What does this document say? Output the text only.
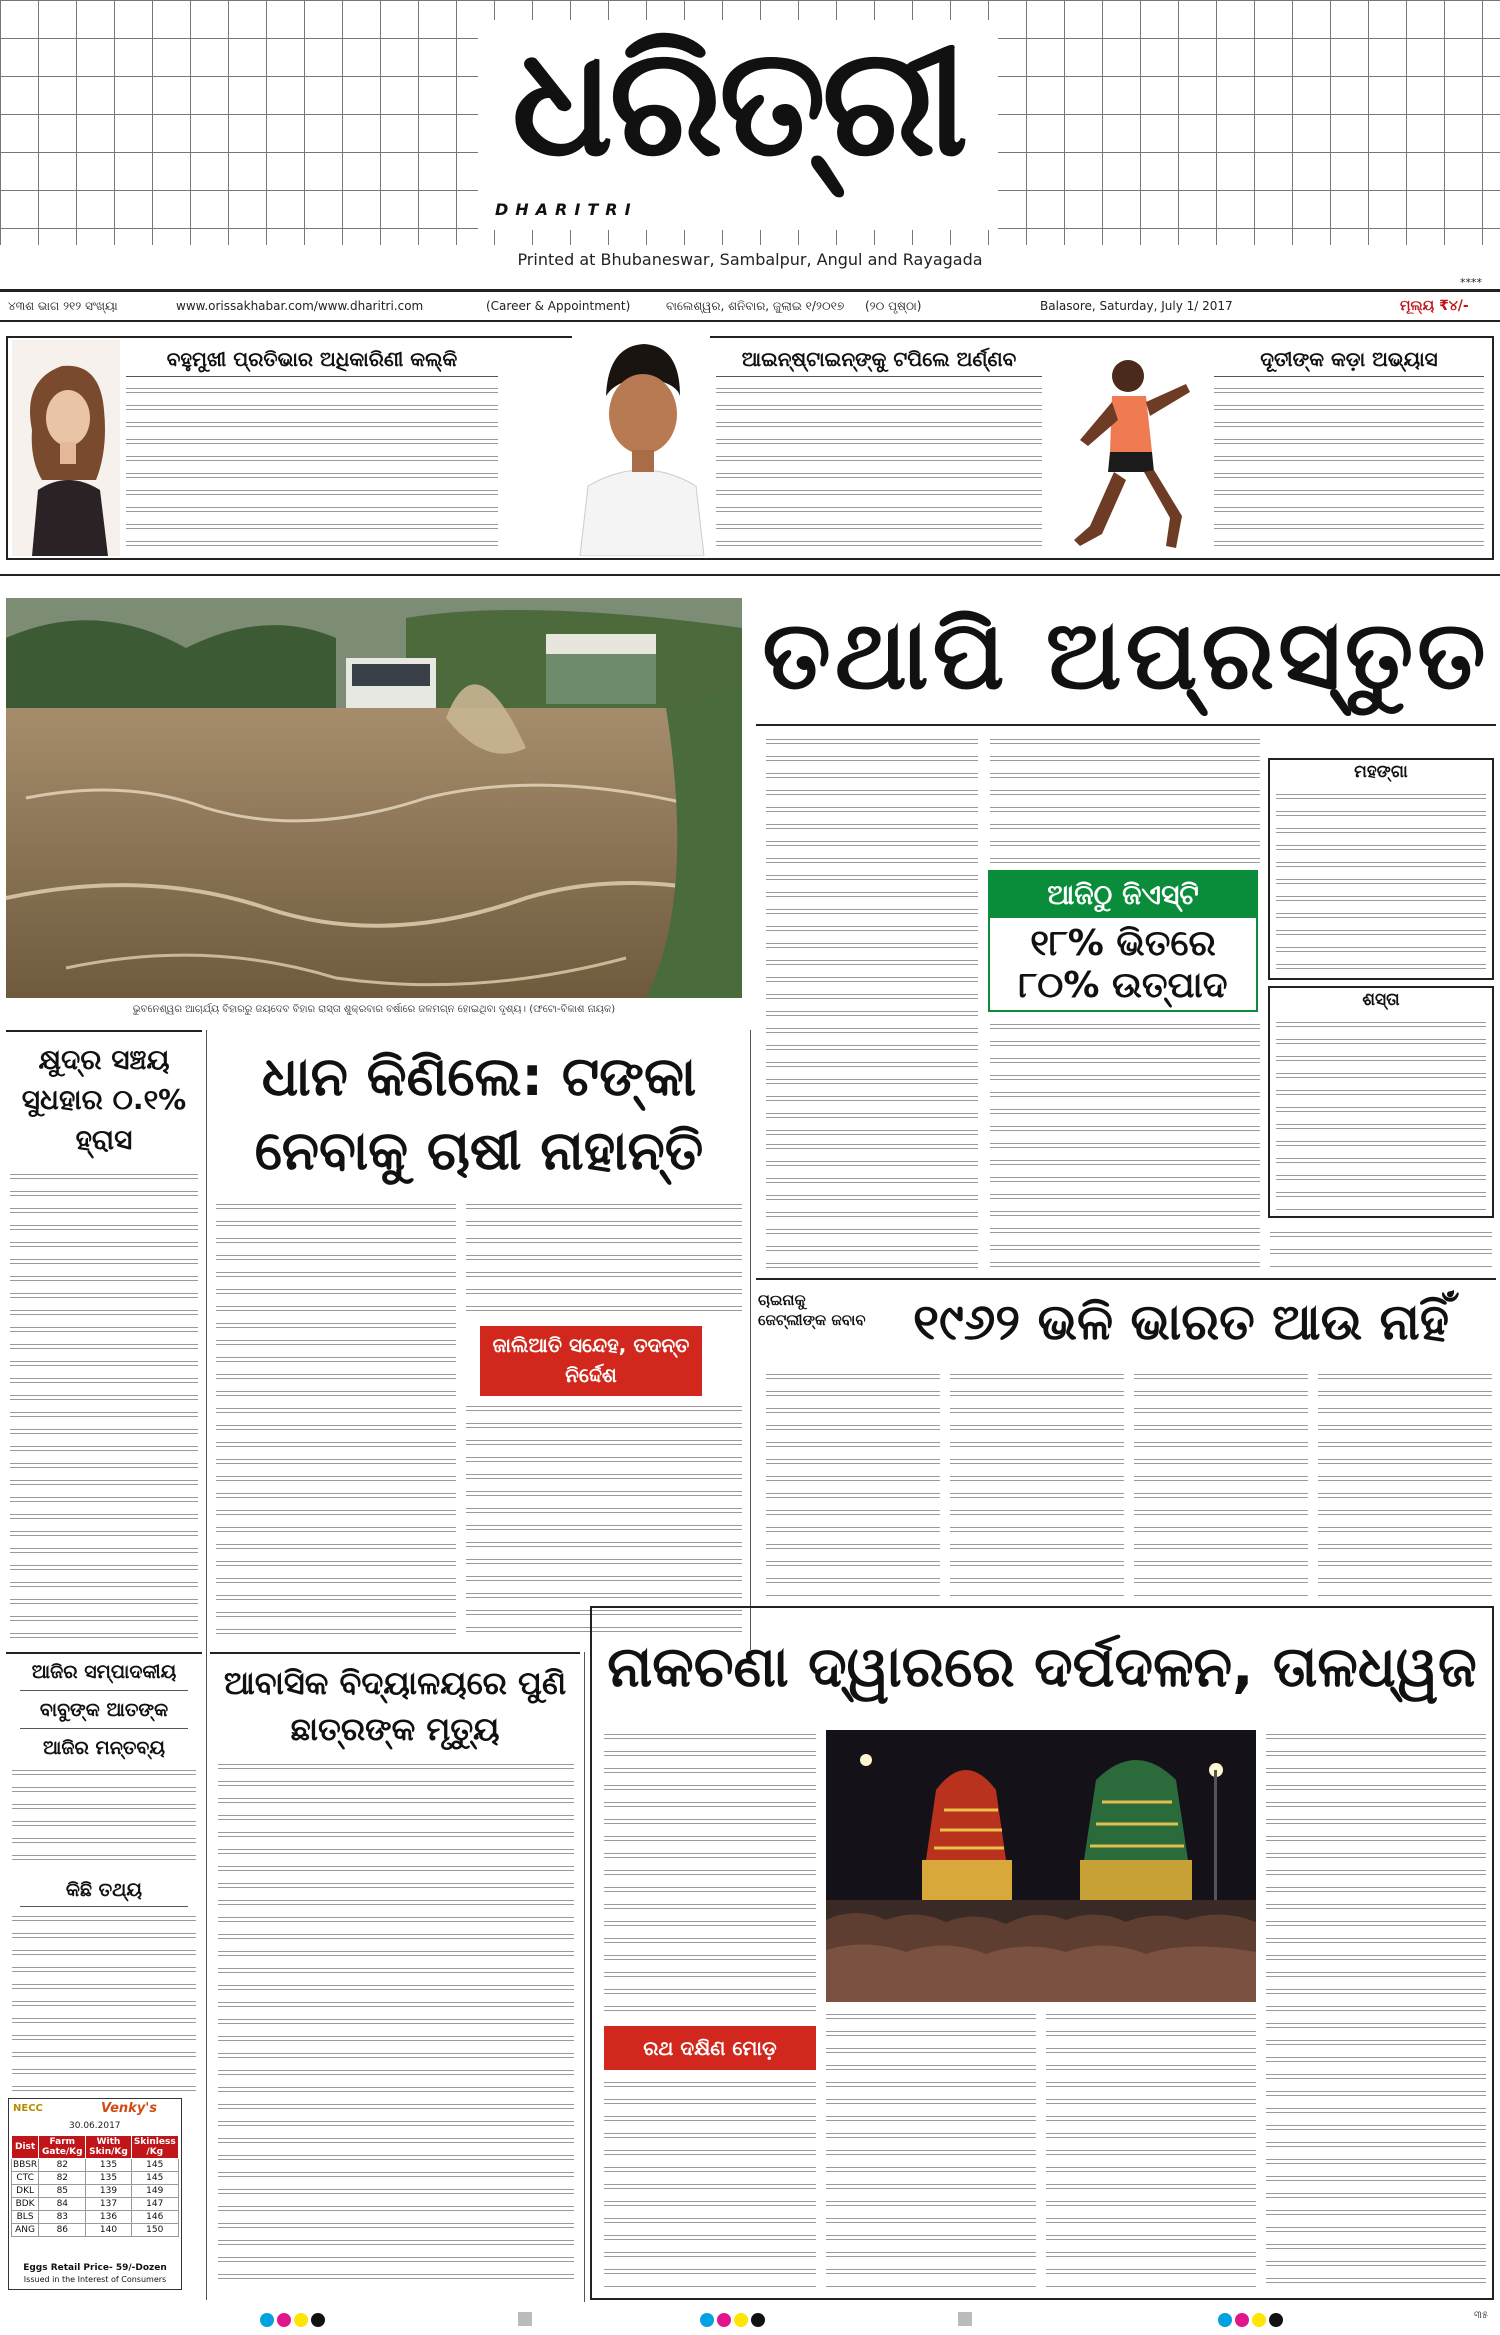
ଧରିତ୍ରୀ
DHARITRI
Printed at Bhubaneswar, Sambalpur, Angul and Rayagada
****
୪୩ଶ ଭାଗ ୨୧୨ ସଂଖ୍ୟା	www.orissakhabar.com/www.dharitri.com	(Career & Appointment)	ବାଲେଶ୍ୱର, ଶନିବାର, ଜୁଲାଇ ୧/୨୦୧୭ (୨୦ ପୃଷ୍ଠା)	Balasore, Saturday, July 1/ 2017	ମୂଲ୍ୟ ₹୪/-
ବହୁମୁଖୀ ପ୍ରତିଭାର ଅଧିକାରିଣୀ କଲ୍‌କି	ଆଇନ୍‌ଷ୍ଟାଇନ୍‌ଙ୍କୁ ଟପିଲେ ଅର୍ଣ୍ଣବ	ଦୂତୀଙ୍କ କଡ଼ା ଅଭ୍ୟାସ
ଭୁବନେଶ୍ୱର ଆଚାର୍ଯ୍ୟ ବିହାରରୁ ଜୟଦେବ ବିହାର ରାସ୍ତା ଶୁକ୍ରବାର ବର୍ଷାରେ ଜଳମଗ୍ନ ହୋଇଥିବା ଦୃଶ୍ୟ। (ଫଟୋ-ବିକାଶ ନାୟକ)
ତଥାପି ଅପ୍ରସ୍ତୁତ
ଆଜିଠୁ ଜିଏସ୍‌ଟି
୧୮% ଭିତରେ
୮୦% ଉତ୍ପାଦ
ମହଙ୍ଗା
ଶସ୍ତା
କ୍ଷୁଦ୍ର ସଞ୍ଚୟ ସୁଧହାର ୦.୧% ହ୍ରାସ
ଧାନ କିଣିଲେ: ଟଙ୍କା ନେବାକୁ ଚାଷୀ ନାହାନ୍ତି
ଜାଲିଆତି ସନ୍ଦେହ, ତଦନ୍ତ ନିର୍ଦ୍ଦେଶ
ଚାଇନାକୁ ଜେଟ୍‌ଲୀଙ୍କ ଜବାବ ୧୯୬୨ ଭଳି ଭାରତ ଆଉ ନାହିଁ
ଆଜିର ସମ୍ପାଦକୀୟ
ବାବୁଙ୍କ ଆତଙ୍କ
ଆଜିର ମନ୍ତବ୍ୟ
କିଛି ତଥ୍ୟ
NECC	Venky's
30.06.2017
Dist	Farm Gate/Kg	With Skin/Kg	Skinless /Kg
BBSR	82	135	145
CTC	82	135	145
DKL	85	139	149
BDK	84	137	147
BLS	83	136	146
ANG	86	140	150
Eggs Retail Price- 59/-Dozen
Issued in the Interest of Consumers
ଆବାସିକ ବିଦ୍ୟାଳୟରେ ପୁଣି ଛାତ୍ରଙ୍କ ମୃତ୍ୟୁ
ନାକଚଣା ଦ୍ୱାରରେ ଦର୍ପଦଳନ, ତାଳଧ୍ୱଜ
ରଥ ଦକ୍ଷିଣ ମୋଡ଼
୩୫
